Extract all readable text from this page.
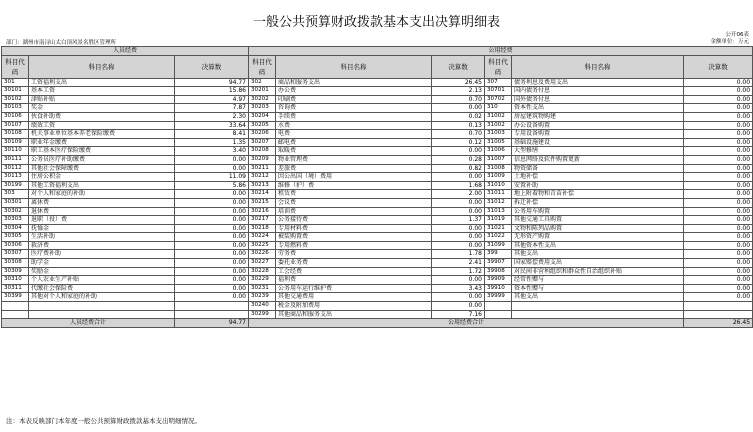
一般公共预算财政拨款基本支出决算明细表
公开06表
部门：湖州市南浔山太白顶风景名胜区管理所	金额单位：万元
人员经费			公用经费					
科目代码	科目名称	决算数	科目代码	科目名称	决算数	科目代码	科目名称	决算数
301	工资福利支出	94.77	302	商品和服务支出	26.45	307	债务利息及费用支出	0.00
30101	基本工资	15.86	30201	办公费	2.13	30701	国内债务付息	0.00
30102	津贴补贴	4.97	30202	印刷费	0.70	30702	国外债务付息	0.00
30103	奖金	7.87	30203	咨询费	0.00	310	资本性支出	0.00
30106	伙食补助费	2.30	30204	手续费	0.02	31002	房屋建筑物购建	0.00
30107	绩效工资	33.64	30205	水费	0.13	31002	办公设备购置	0.00
30108	机关事业单位基本养老保险缴费	8.41	30206	电费	0.70	31003	专用设备购置	0.00
30109	职业年金缴费	1.35	30207	邮电费	0.12	31005	基础设施建设	0.00
30110	职工基本医疗保险缴费	3.40	30208	取暖费	0.00	31006	大型修缮	0.00
30111	公务员医疗补助缴费	0.00	30209	物业管理费	0.28	31007	信息网络及软件购置更新	0.00
30112	其他社会保障缴费	0.00	30211	差旅费	0.82	31008	物资储备	0.00
30113	住房公积金	11.09	30212	因公出国（境）费用	0.00	31009	土地补偿	0.00
30199	其他工资福利支出	5.86	30213	维修（护）费	1.68	31010	安置补助	0.00
303	对个人和家庭的补助	0.00	30214	租赁费	2.00	31011	地上附着物和青苗补偿	0.00
30301	离休费	0.00	30215	会议费	0.00	31012	拆迁补偿	0.00
30302	退休费	0.00	30216	培训费	0.00	31013	公务用车购置	0.00
30303	退职（役）费	0.00	30217	公务接待费	1.37	31019	其他交通工具购置	0.00
30304	抚恤金	0.00	30218	专用材料费	0.00	31021	文物和陈列品购置	0.00
30305	生活补助	0.00	30224	被装购置费	0.00	31022	无形资产购置	0.00
30306	救济费	0.00	30225	专用燃料费	0.00	31099	其他资本性支出	0.00
30307	医疗费补助	0.00	30226	劳务费	1.78	399	其他支出	0.00
30308	助学金	0.00	30227	委托业务费	2.41	39907	国家赔偿费用支出	0.00
30309	奖励金	0.00	30228	工会经费	1.72	39908	对民间非营利组织和群众性自治组织补贴	0.00
30310	个人农业生产补贴	0.00	30229	福利费	0.00	39909	经常性赠与	0.00
30311	代缴社会保险费	0.00	30231	公务用车运行维护费	3.43	39910	资本性赠与	0.00
30399	其他对个人和家庭的补助	0.00	30239	其他交通费用	0.00	39999	其他支出	0.00
			30240	税金及附加费用	0.00			
			30299	其他商品和服务支出	7.16			
人员经费合计		94.77	公用经费合计					26.45
注：本表反映部门本年度一般公共预算财政拨款基本支出明细情况。
